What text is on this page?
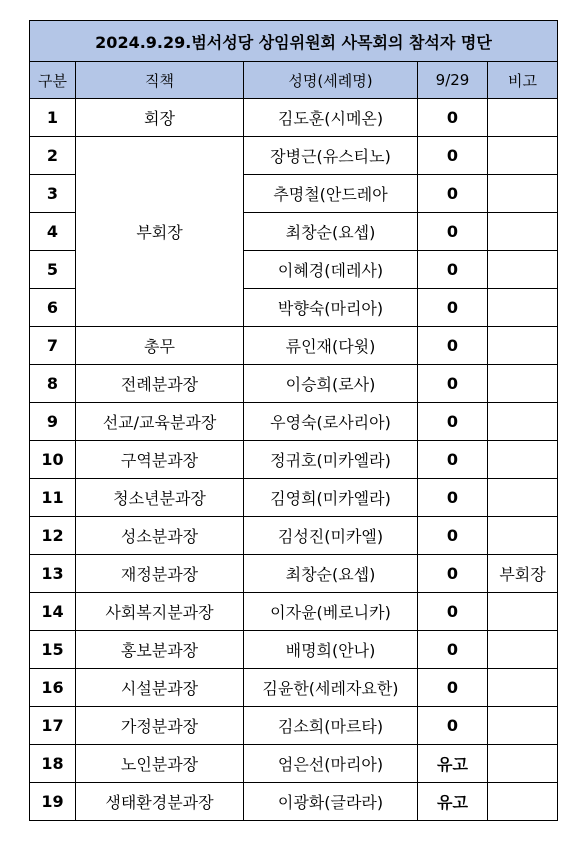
2024.9.29.범서성당 상임위원회 사목회의 참석자 명단				
구분	직책	성명(세례명)	9/29	비고
1	회장	김도훈(시메온)	0	
2	부회장	장병근(유스티노)	0	
3		추명철(안드레아	0	
4		최창순(요셉)	0	
5		이혜경(데레사)	0	
6		박향숙(마리아)	0	
7	총무	류인재(다윗)	0	
8	전례분과장	이승희(로사)	0	
9	선교/교육분과장	우영숙(로사리아)	0	
10	구역분과장	정귀호(미카엘라)	0	
11	청소년분과장	김영희(미카엘라)	0	
12	성소분과장	김성진(미카엘)	0	
13	재정분과장	최창순(요셉)	0	부회장
14	사회복지분과장	이자윤(베로니카)	0	
15	홍보분과장	배명희(안나)	0	
16	시설분과장	김윤한(세레자요한)	0	
17	가정분과장	김소희(마르타)	0	
18	노인분과장	엄은선(마리아)	유고	
19	생태환경분과장	이광화(글라라)	유고	
